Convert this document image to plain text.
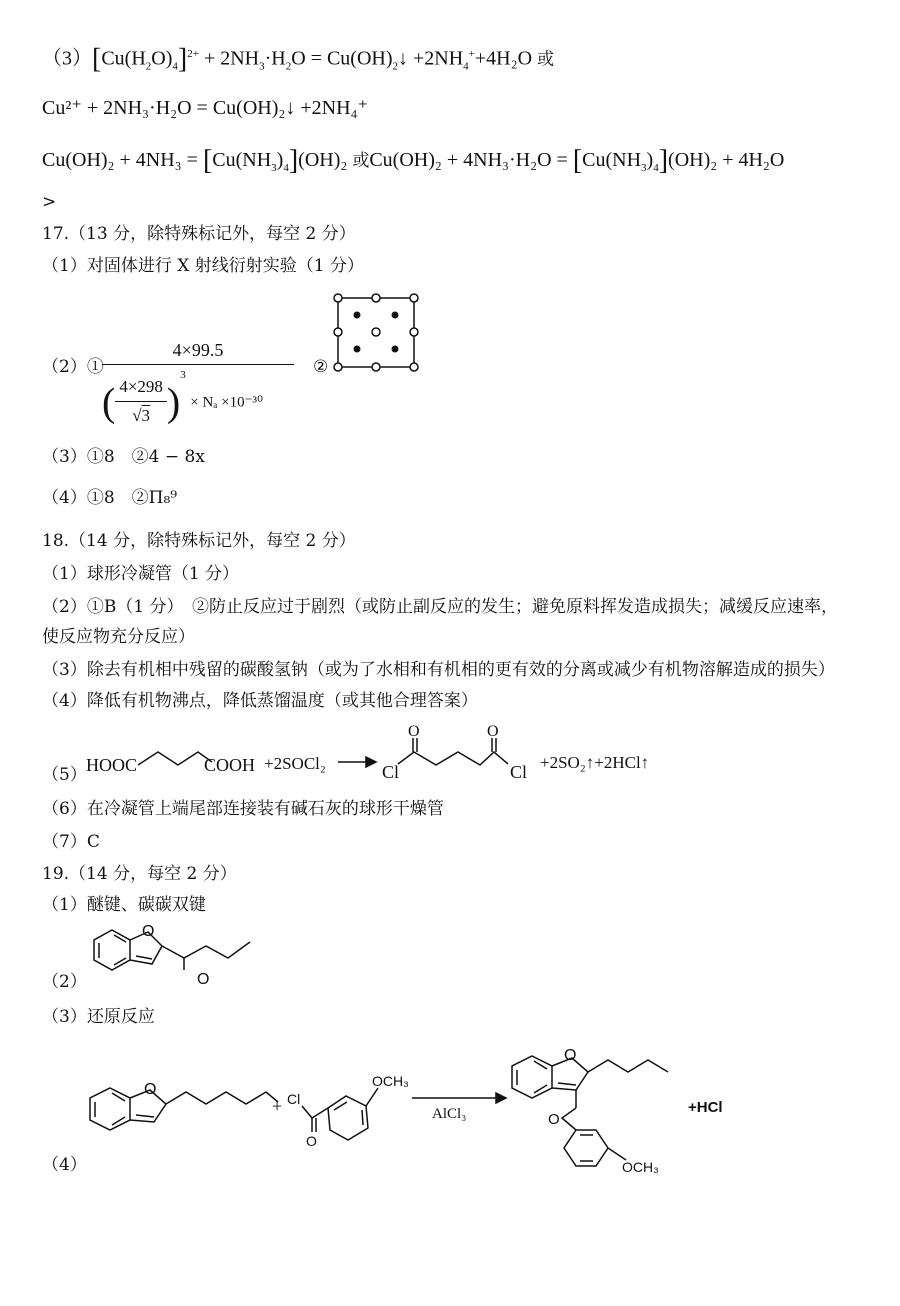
$(3)[Cu(H_2O)_4]^{2+} + 2NH_3\cdot H_2O$ = $Cu(OH)_2↓ +2NH_4^++4H_2O$ 或
Cu²⁺ + 2NH₃·H₂O = Cu(OH)₂↓ +2NH₄⁺
$Cu(OH)_2 + 4NH_3 = [Cu(NH_3)_4](OH)_2$ 或$Cu(OH)_2 + 4NH_3\cdot H_2O = [Cu(NH_3)_4](OH)_2 + 4H_2O$
>
17.（13 分，除特殊标记外，每空 2 分）
（1）对固体进行 X 射线衍射实验（1 分）
（2）①
$\frac{4\times 99.5}{( \frac{4\times 298}{√3} )^3 \times N_a \times 10^{-30}}$ ②
（3）①8　②4 − 8x
（4）①8　②Π₈⁹
18.（14 分，除特殊标记外，每空 2 分）
（1）球形冷凝管（1 分）
（2）①B（1 分）　②防止反应过于剧烈（或防止副反应的发生；避免原料挥发造成损失；减缓反应速率，
使反应物充分反应）
（3）除去有机相中残留的碳酸氢钠（或为了水相和有机相的更有效的分离或减少有机物溶解造成的损失）
（4）降低有机物沸点，降低蒸馏温度（或其他合理答案）
（5） HOOC	COOH +2SOCl₂	Cl
O	O
Cl +2SO₂↑+2HCl↑
（6）在冷凝管上端尾部连接装有碱石灰的球形干燥管
（7）C
19.（14 分，每空 2 分）
（1）醚键、碳碳双键
（2）
O
O
（3）还原反应
（4）
O
+ Cl
O
OCH₃
AlCl₃
O
O
OCH₃
+HCl
